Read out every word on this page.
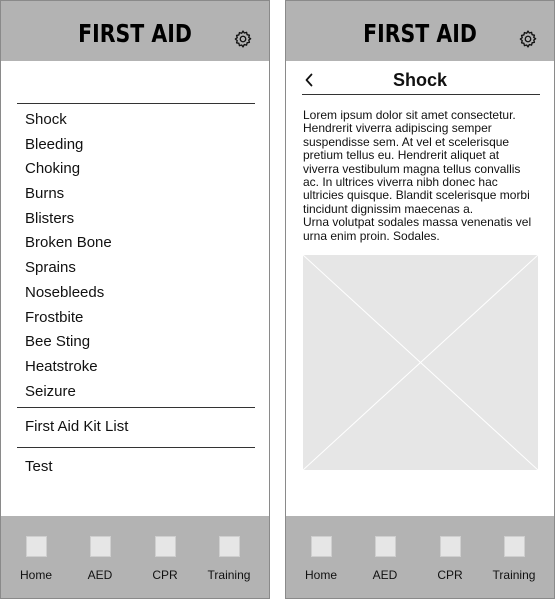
FIRST AID
Shock
Bleeding
Choking
Burns
Blisters
Broken Bone
Sprains
Nosebleeds
Frostbite
Bee Sting
Heatstroke
Seizure
First Aid Kit List
Test
Home	AED	CPR	Training
FIRST AID
Shock
Lorem ipsum dolor sit amet consectetur.
Hendrerit viverra adipiscing semper
suspendisse sem. At vel et scelerisque
pretium tellus eu. Hendrerit aliquet at
viverra vestibulum magna tellus convallis
ac. In ultrices viverra nibh donec hac
ultricies quisque. Blandit scelerisque morbi
tincidunt dignissim maecenas a.
Urna volutpat sodales massa venenatis vel
urna enim proin. Sodales.
Home	AED	CPR	Training
